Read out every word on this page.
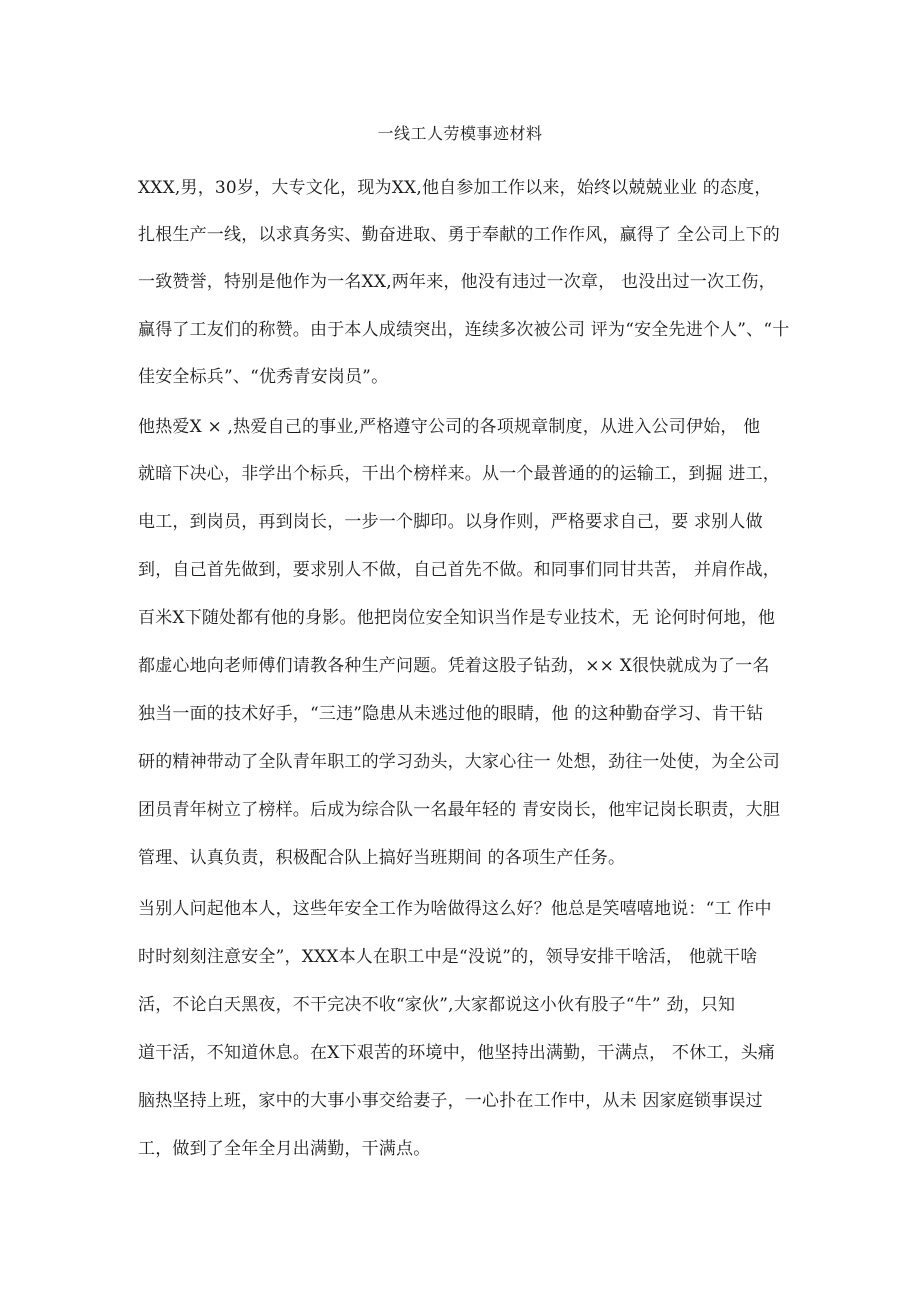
一线工人劳模事迹材料
XXX,男，30岁，大专文化，现为XX,他自参加工作以来，始终以兢兢业业 的态度，
扎根生产一线，以求真务实、勤奋进取、勇于奉献的工作作风，赢得了 全公司上下的
一致赞誉，特别是他作为一名XX,两年来，他没有违过一次章， 也没出过一次工伤，
赢得了工友们的称赞。由于本人成绩突出，连续多次被公司 评为“安全先进个人”、“十
佳安全标兵”、“优秀青安岗员”。
他热爱X × ,热爱自己的事业,严格遵守公司的各项规章制度，从进入公司伊始， 他
就暗下决心，非学出个标兵，干出个榜样来。从一个最普通的的运输工，到掘 进工，
电工，到岗员，再到岗长，一步一个脚印。以身作则，严格要求自己，要 求别人做
到，自己首先做到，要求别人不做，自己首先不做。和同事们同甘共苦， 并肩作战，
百米X下随处都有他的身影。他把岗位安全知识当作是专业技术，无 论何时何地，他
都虚心地向老师傅们请教各种生产问题。凭着这股子钻劲，×× X很快就成为了一名
独当一面的技术好手，“三违”隐患从未逃过他的眼睛，他 的这种勤奋学习、肯干钻
研的精神带动了全队青年职工的学习劲头，大家心往一 处想，劲往一处使，为全公司
团员青年树立了榜样。后成为综合队一名最年轻的 青安岗长，他牢记岗长职责，大胆
管理、认真负责，积极配合队上搞好当班期间 的各项生产任务。
当别人问起他本人，这些年安全工作为啥做得这么好？他总是笑嘻嘻地说：“工 作中
时时刻刻注意安全”，XXX本人在职工中是“没说”的，领导安排干啥活， 他就干啥
活，不论白天黑夜，不干完决不收“家伙”,大家都说这小伙有股子“牛” 劲，只知
道干活，不知道休息。在X下艰苦的环境中，他坚持出满勤，干满点， 不休工，头痛
脑热坚持上班，家中的大事小事交给妻子，一心扑在工作中，从未 因家庭锁事误过
工，做到了全年全月出满勤，干满点。
